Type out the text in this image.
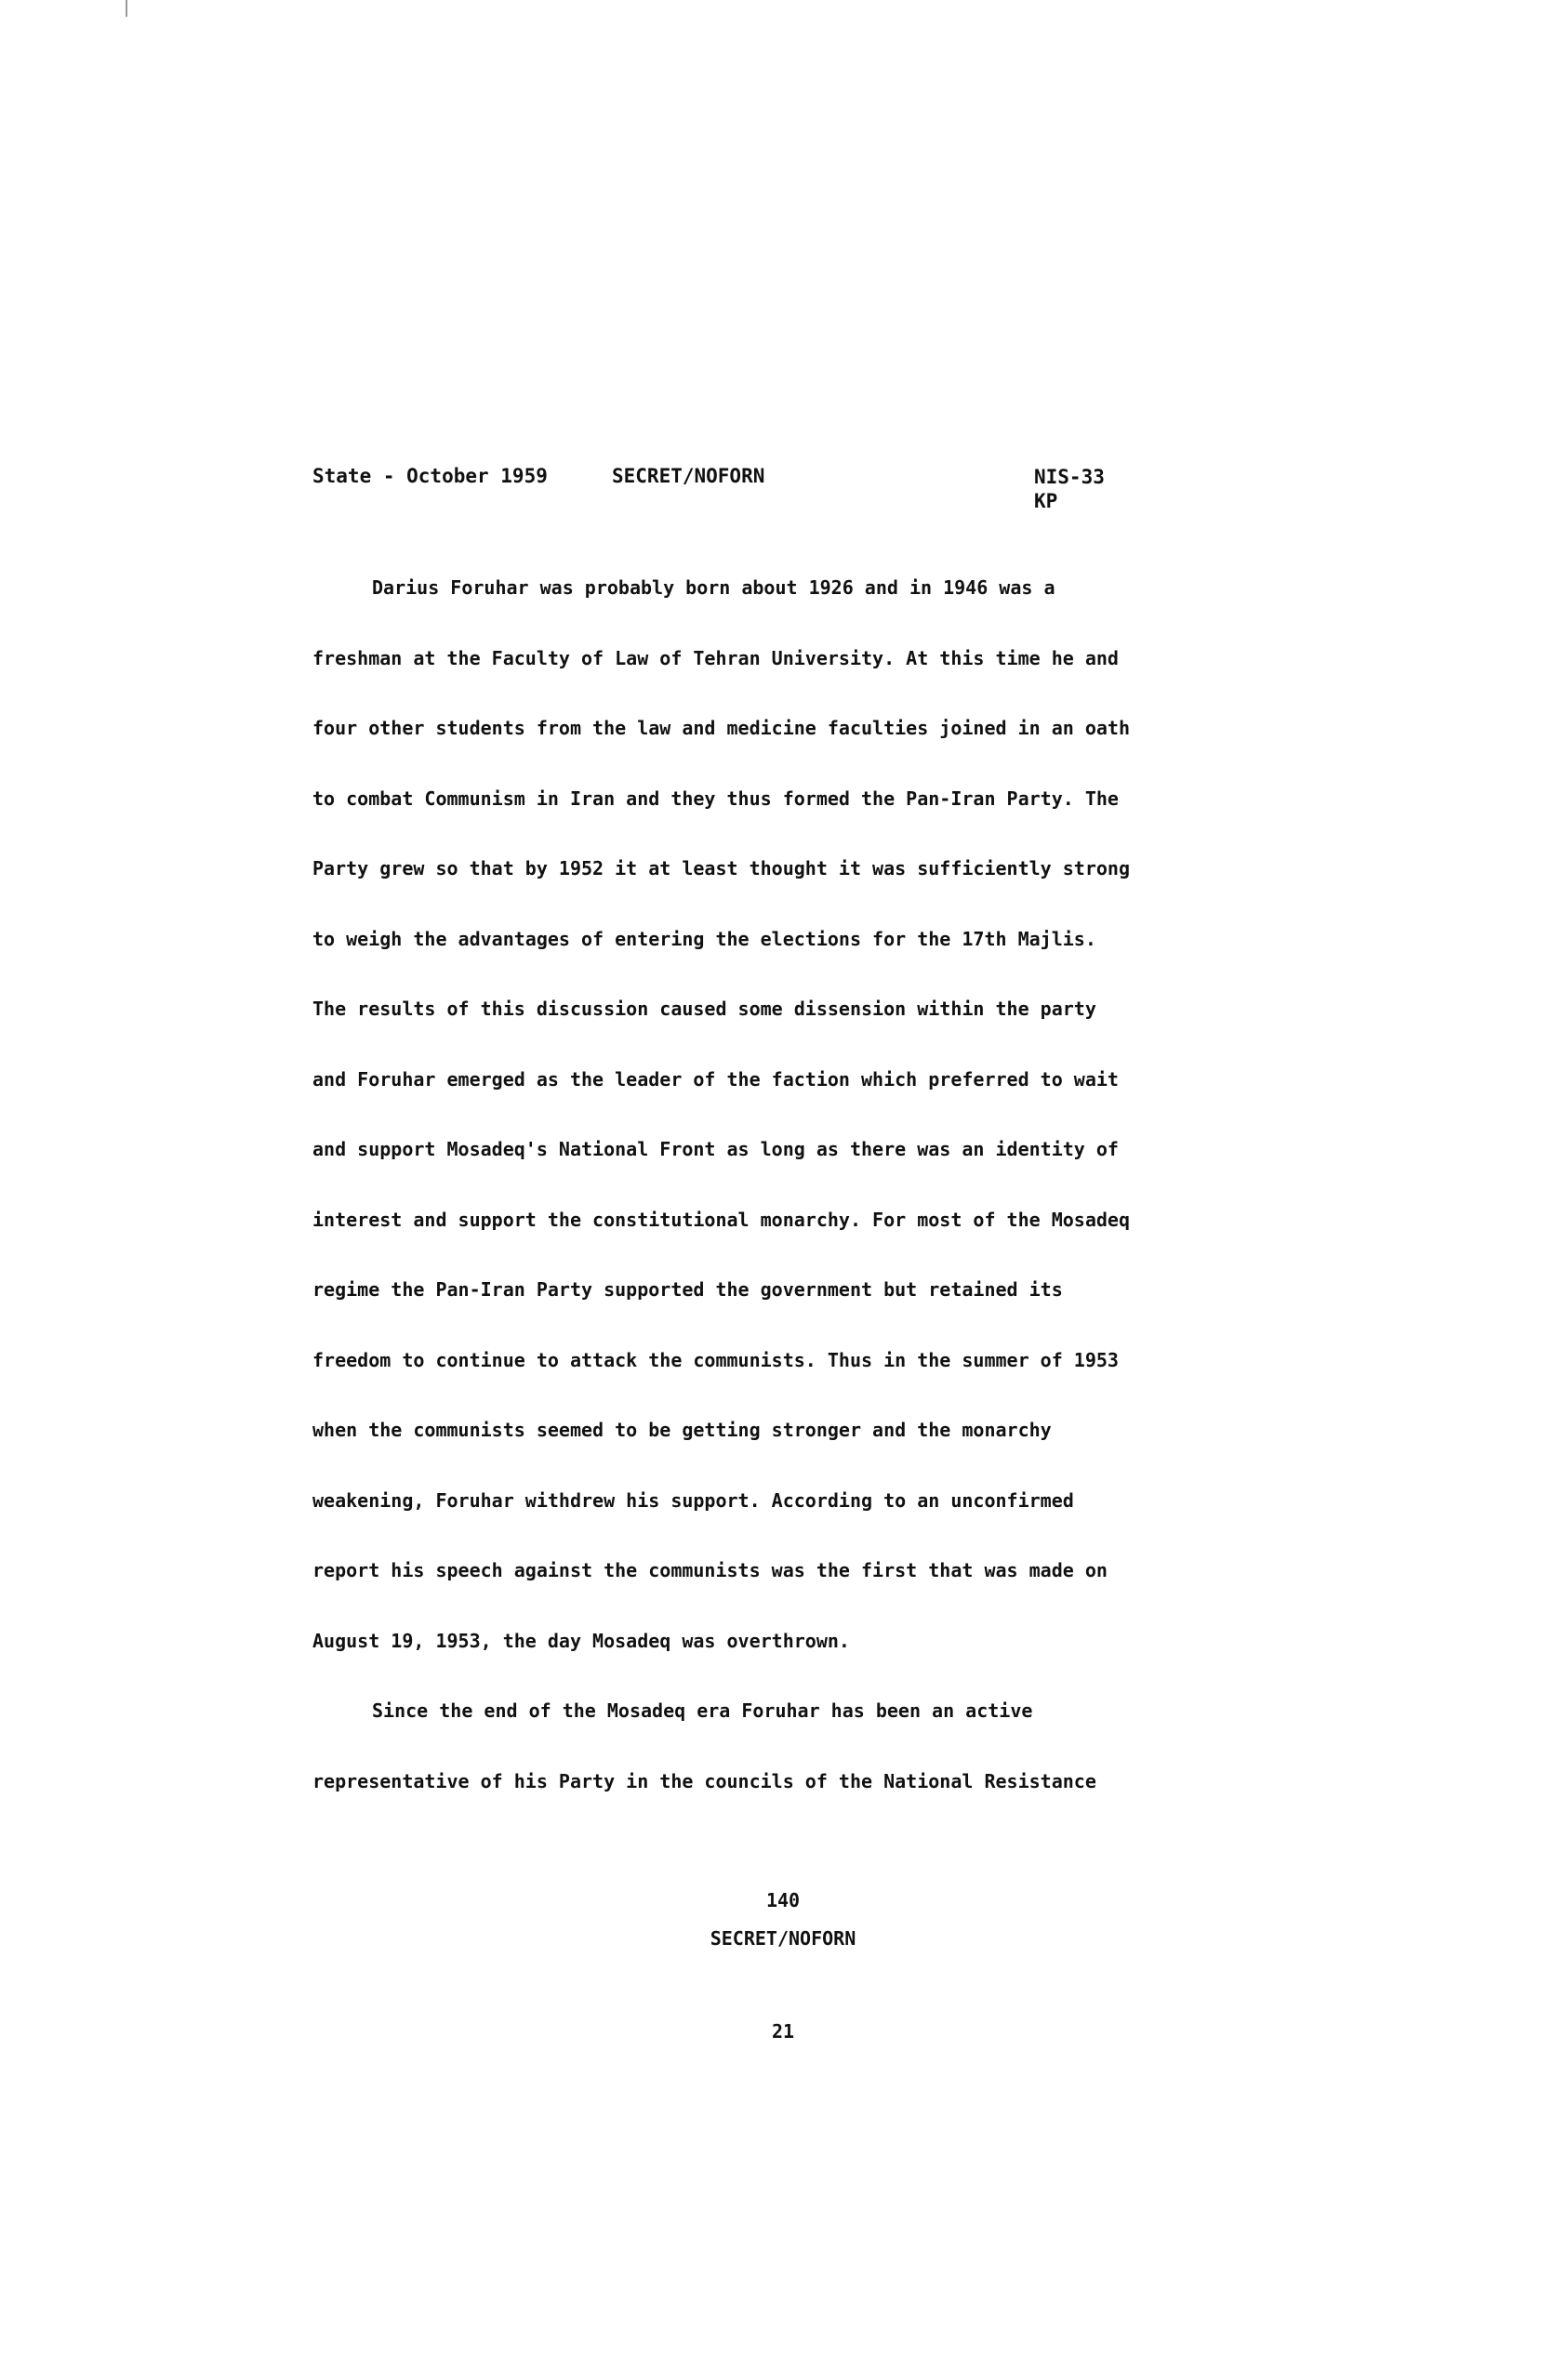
State - October 1959	SECRET/NOFORN	NIS-33
KP

Darius Foruhar was probably born about 1926 and in 1946 was a freshman at the Faculty of Law of Tehran University. At this time he and four other students from the law and medicine faculties joined in an oath to combat Communism in Iran and they thus formed the Pan-Iran Party. The Party grew so that by 1952 it at least thought it was sufficiently strong to weigh the advantages of entering the elections for the 17th Majlis. The results of this discussion caused some dissension within the party and Foruhar emerged as the leader of the faction which preferred to wait and support Mosadeq's National Front as long as there was an identity of interest and support the constitutional monarchy. For most of the Mosadeq regime the Pan-Iran Party supported the government but retained its freedom to continue to attack the communists. Thus in the summer of 1953 when the communists seemed to be getting stronger and the monarchy weakening, Foruhar withdrew his support. According to an unconfirmed report his speech against the communists was the first that was made on August 19, 1953, the day Mosadeq was overthrown.

Since the end of the Mosadeq era Foruhar has been an active representative of his Party in the councils of the National Resistance

140
SECRET/NOFORN
21
